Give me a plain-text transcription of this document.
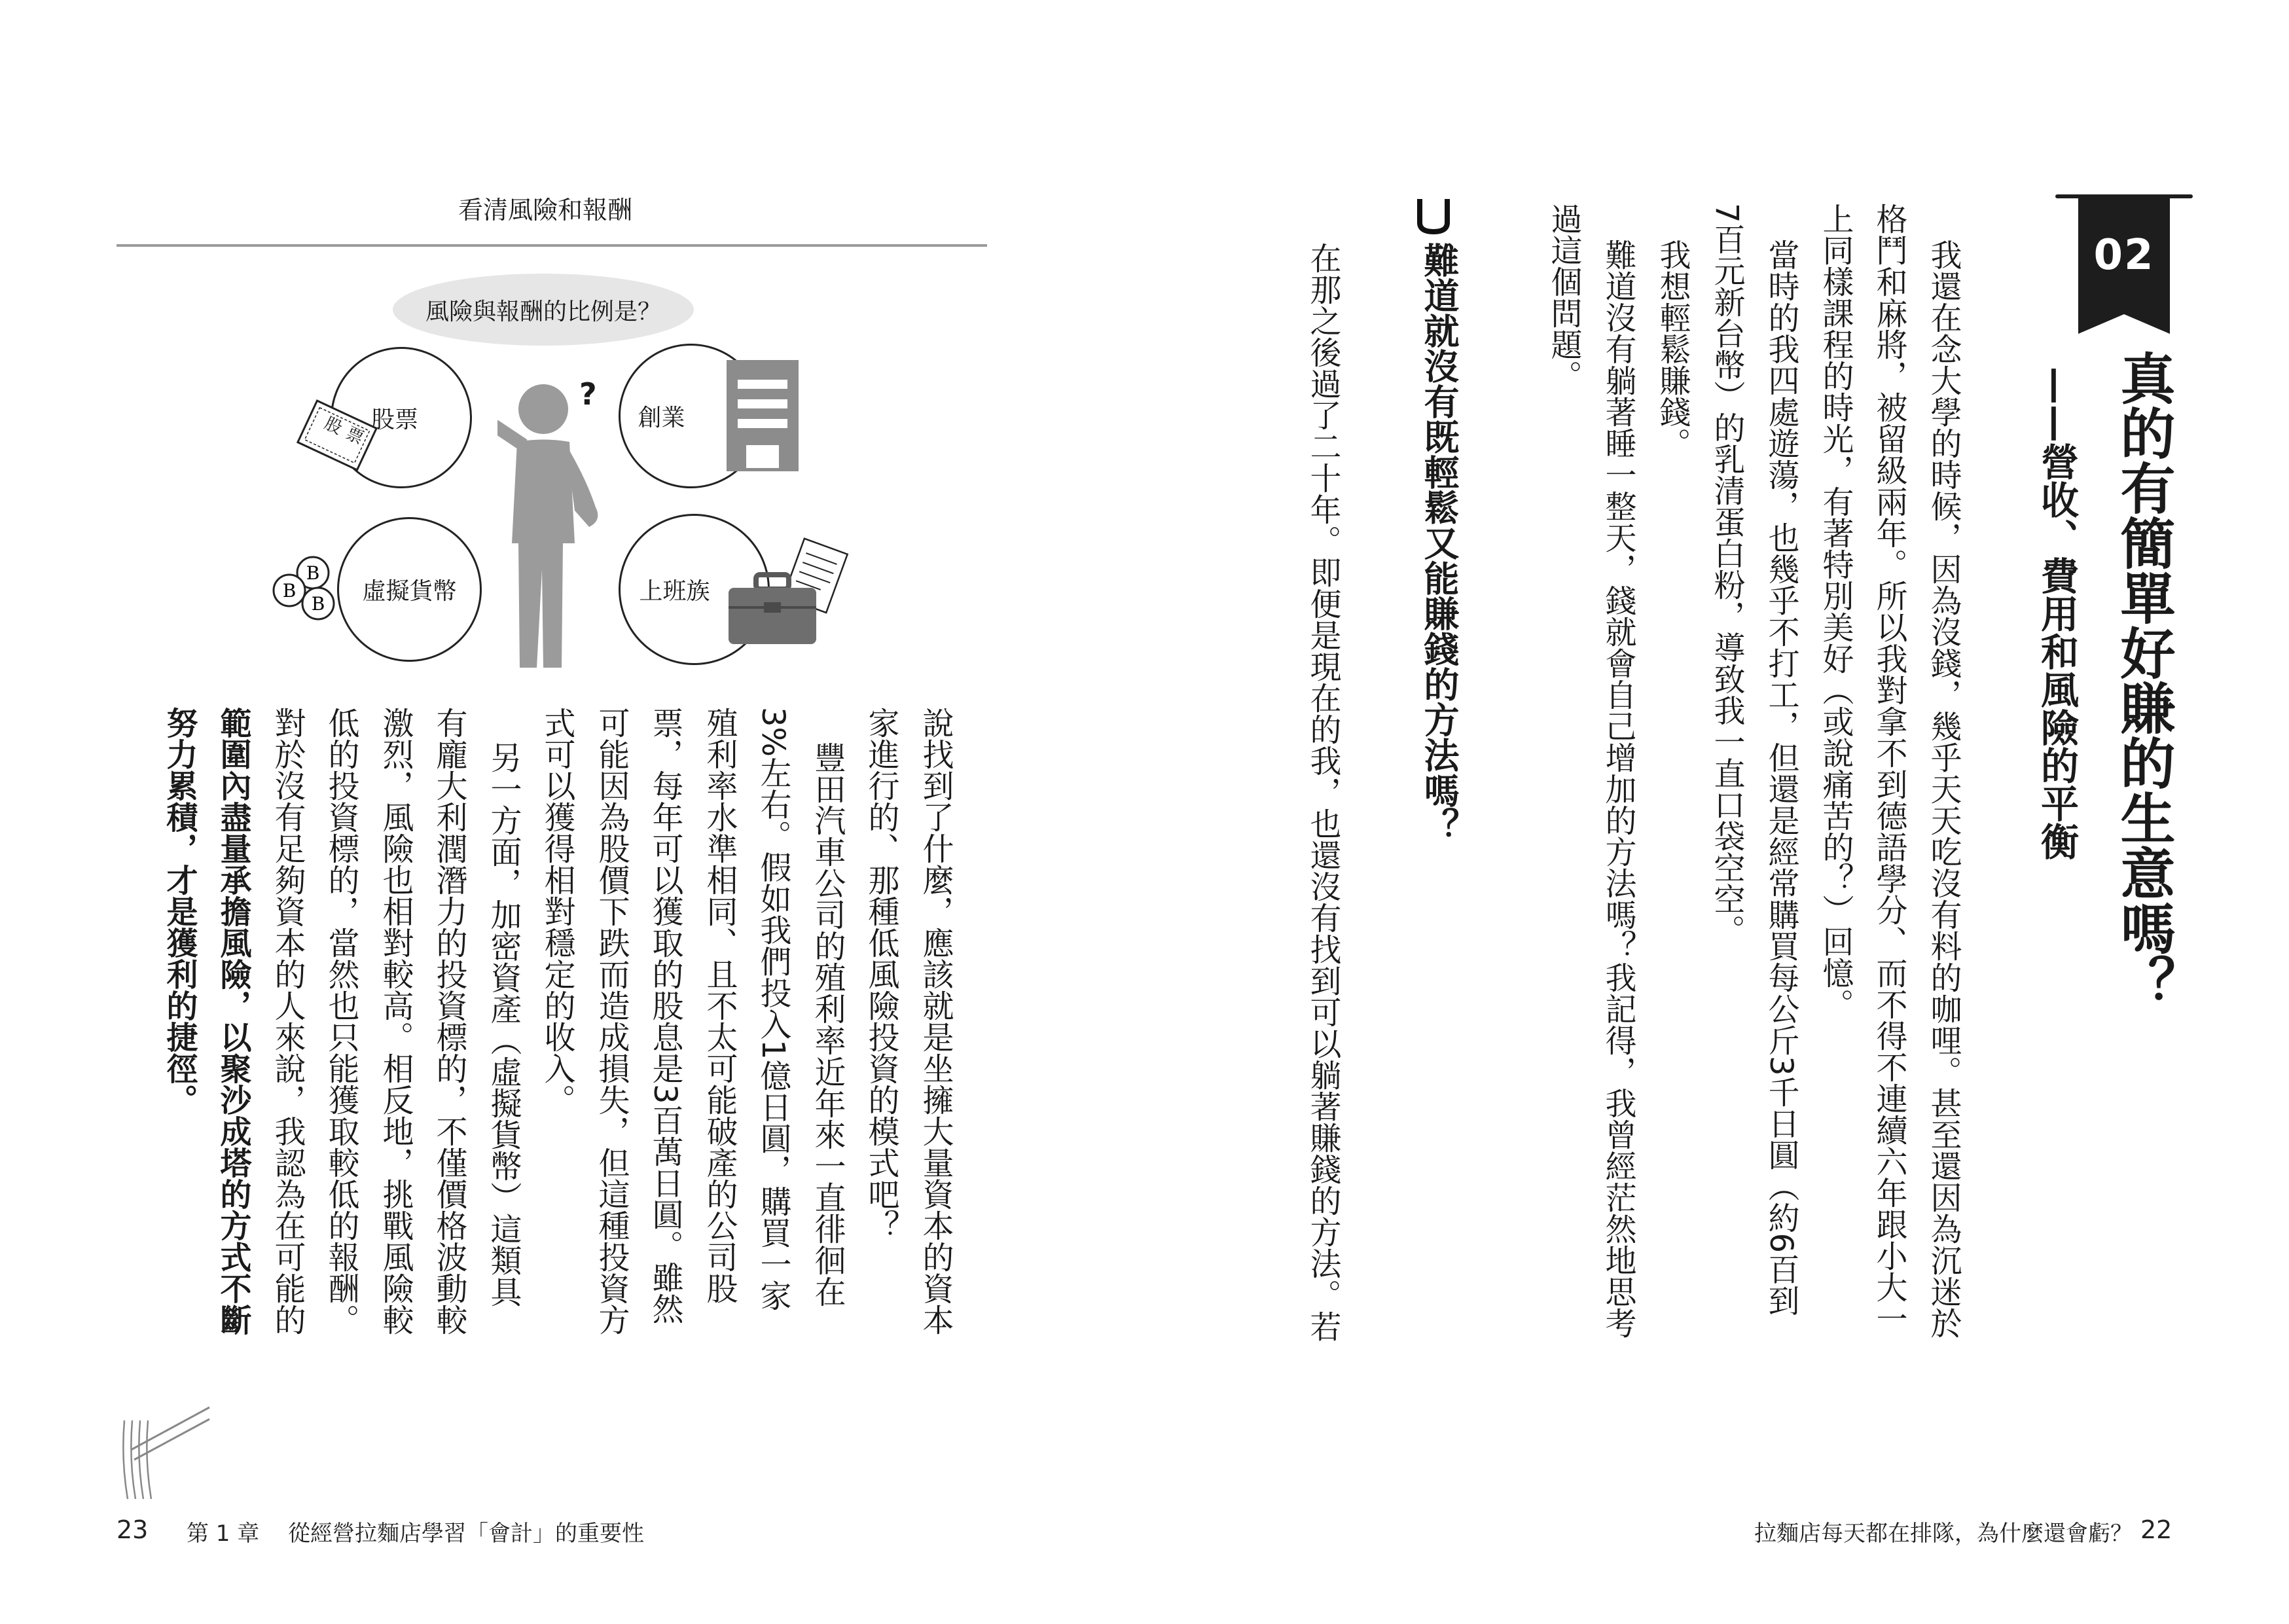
02
真的有簡單好賺的生意嗎？
——營收、費用和風險的平衡
我還在念大學的時候，因為沒錢，幾乎天天吃沒有料的咖哩。甚至還因為沉迷於
格鬥和麻將，被留級兩年。所以我對拿不到德語學分、而不得不連續六年跟小大一
上同樣課程的時光，有著特別美好（或說痛苦的？）回憶。
當時的我四處遊蕩，也幾乎不打工，但還是經常購買每公斤3千日圓（約6百到
7百元新台幣）的乳清蛋白粉，導致我一直口袋空空。
我想輕鬆賺錢。
難道沒有躺著睡一整天，錢就會自己增加的方法嗎？我記得，我曾經茫然地思考
過這個問題。
難道就沒有既輕鬆又能賺錢的方法嗎？
在那之後過了二十年。即便是現在的我，也還沒有找到可以躺著賺錢的方法。若
看清風險和報酬
風險與報酬的比例是？
股票	創業
虛擬貨幣	上班族
股票
?
B
B
B
說找到了什麼，應該就是坐擁大量資本的資本
家進行的、那種低風險投資的模式吧？
豐田汽車公司的殖利率近年來一直徘徊在
3%左右。假如我們投入1億日圓，購買一家
殖利率水準相同、且不太可能破產的公司股
票，每年可以獲取的股息是3百萬日圓。雖然
可能因為股價下跌而造成損失，但這種投資方
式可以獲得相對穩定的收入。
另一方面，加密資產（虛擬貨幣）這類具
有龐大利潤潛力的投資標的，不僅價格波動較
激烈，風險也相對較高。相反地，挑戰風險較
低的投資標的，當然也只能獲取較低的報酬。
對於沒有足夠資本的人來說，我認為在可能的
範圍內盡量承擔風險，以聚沙成塔的方式不斷
努力累積，才是獲利的捷徑。
23 第 1 章 從經營拉麵店學習「會計」的重要性	拉麵店每天都在排隊，為什麼還會虧？ 22
